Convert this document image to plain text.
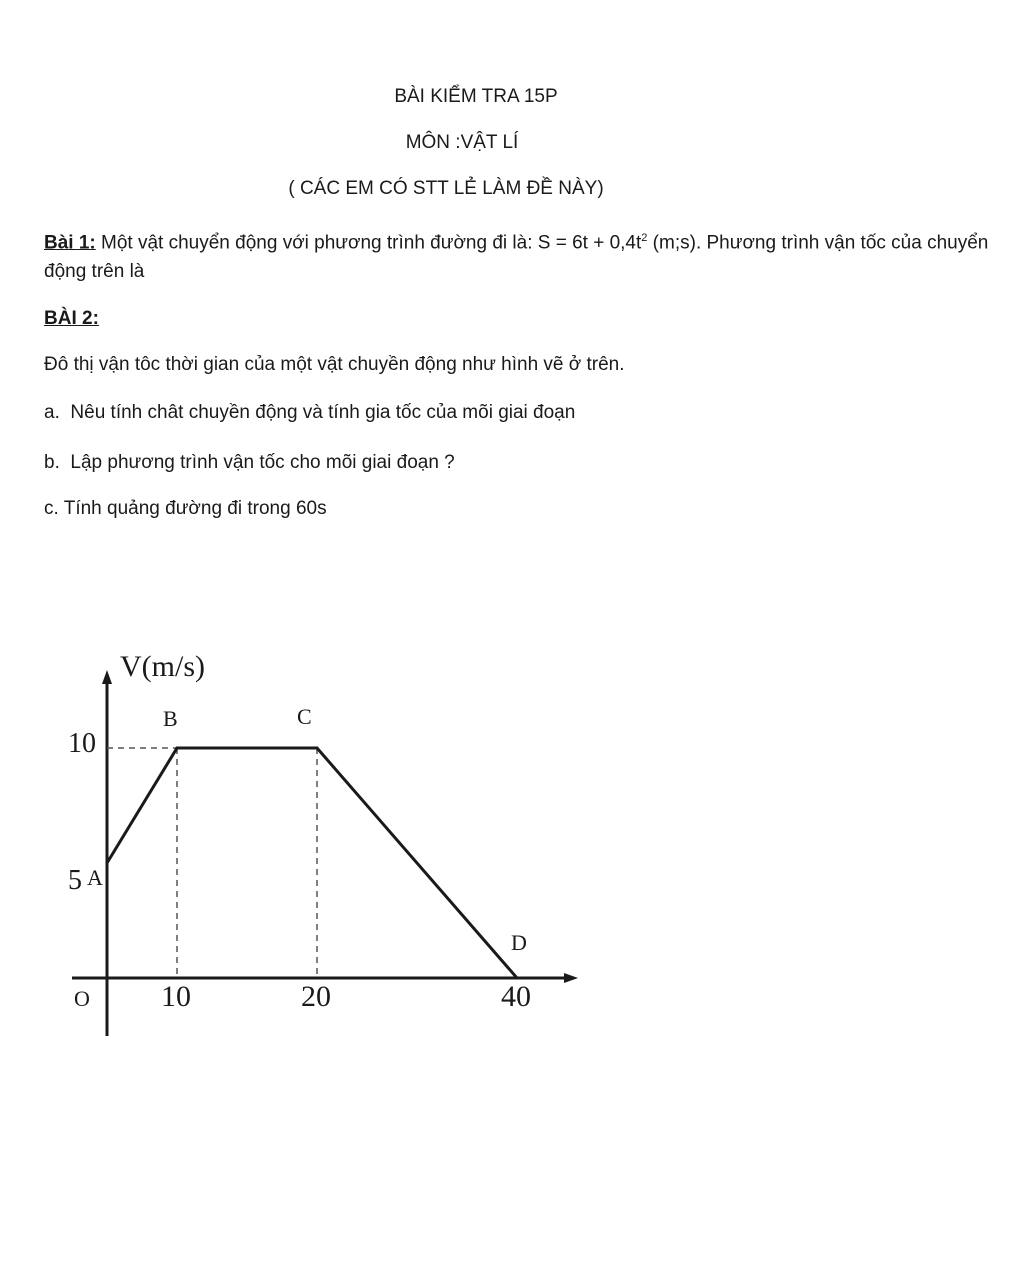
BÀI KIỂM TRA 15P

MÔN :VẬT LÍ

( CÁC EM CÓ STT LẺ LÀM ĐỀ NÀY)

Bài 1: Một vật chuyển động với phương trình đường đi là: $S = 6t + 0,4t^2$ (m;s). Phương trình vận tốc của chuyển động trên là

BÀI 2:

Đô thị vận tôc thời gian của một vật chuyền động như hình vẽ ở trên.

a. Nêu tính chât chuyền động và tính gia tốc của mõi giai đoạn

b. Lập phương trình vận tốc cho mõi giai đoạn ?

c. Tính quảng đường đi trong 60s

V(m/s)
O
A
B	C
D
10
5
10	20	40
